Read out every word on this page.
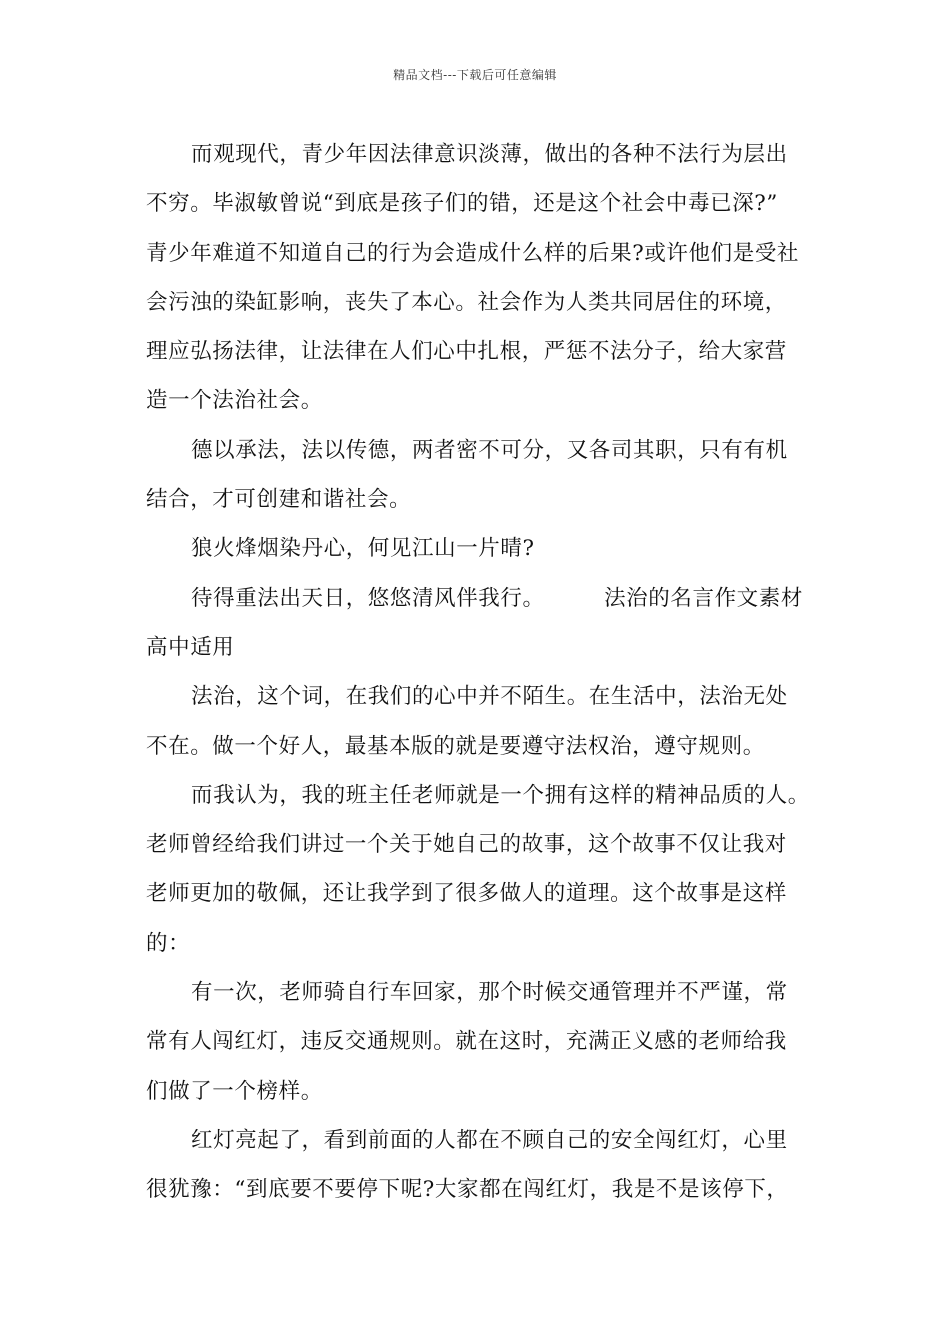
精品文档---下载后可任意编辑
而观现代，青少年因法律意识淡薄，做出的各种不法行为层出
不穷。毕淑敏曾说“到底是孩子们的错，还是这个社会中毒已深?”
青少年难道不知道自己的行为会造成什么样的后果?或许他们是受社
会污浊的染缸影响，丧失了本心。社会作为人类共同居住的环境，
理应弘扬法律，让法律在人们心中扎根，严惩不法分子，给大家营
造一个法治社会。
德以承法，法以传德，两者密不可分，又各司其职，只有有机
结合，才可创建和谐社会。
狼火烽烟染丹心，何见江山一片晴?
待得重法出天日，悠悠清风伴我行。        法治的名言作文素材
高中适用
法治，这个词，在我们的心中并不陌生。在生活中，法治无处
不在。做一个好人，最基本版的就是要遵守法权治，遵守规则。
而我认为，我的班主任老师就是一个拥有这样的精神品质的人。
老师曾经给我们讲过一个关于她自己的故事，这个故事不仅让我对
老师更加的敬佩，还让我学到了很多做人的道理。这个故事是这样
的：
有一次，老师骑自行车回家，那个时候交通管理并不严谨，常
常有人闯红灯，违反交通规则。就在这时，充满正义感的老师给我
们做了一个榜样。
红灯亮起了，看到前面的人都在不顾自己的安全闯红灯，心里
很犹豫：“到底要不要停下呢?大家都在闯红灯，我是不是该停下，
